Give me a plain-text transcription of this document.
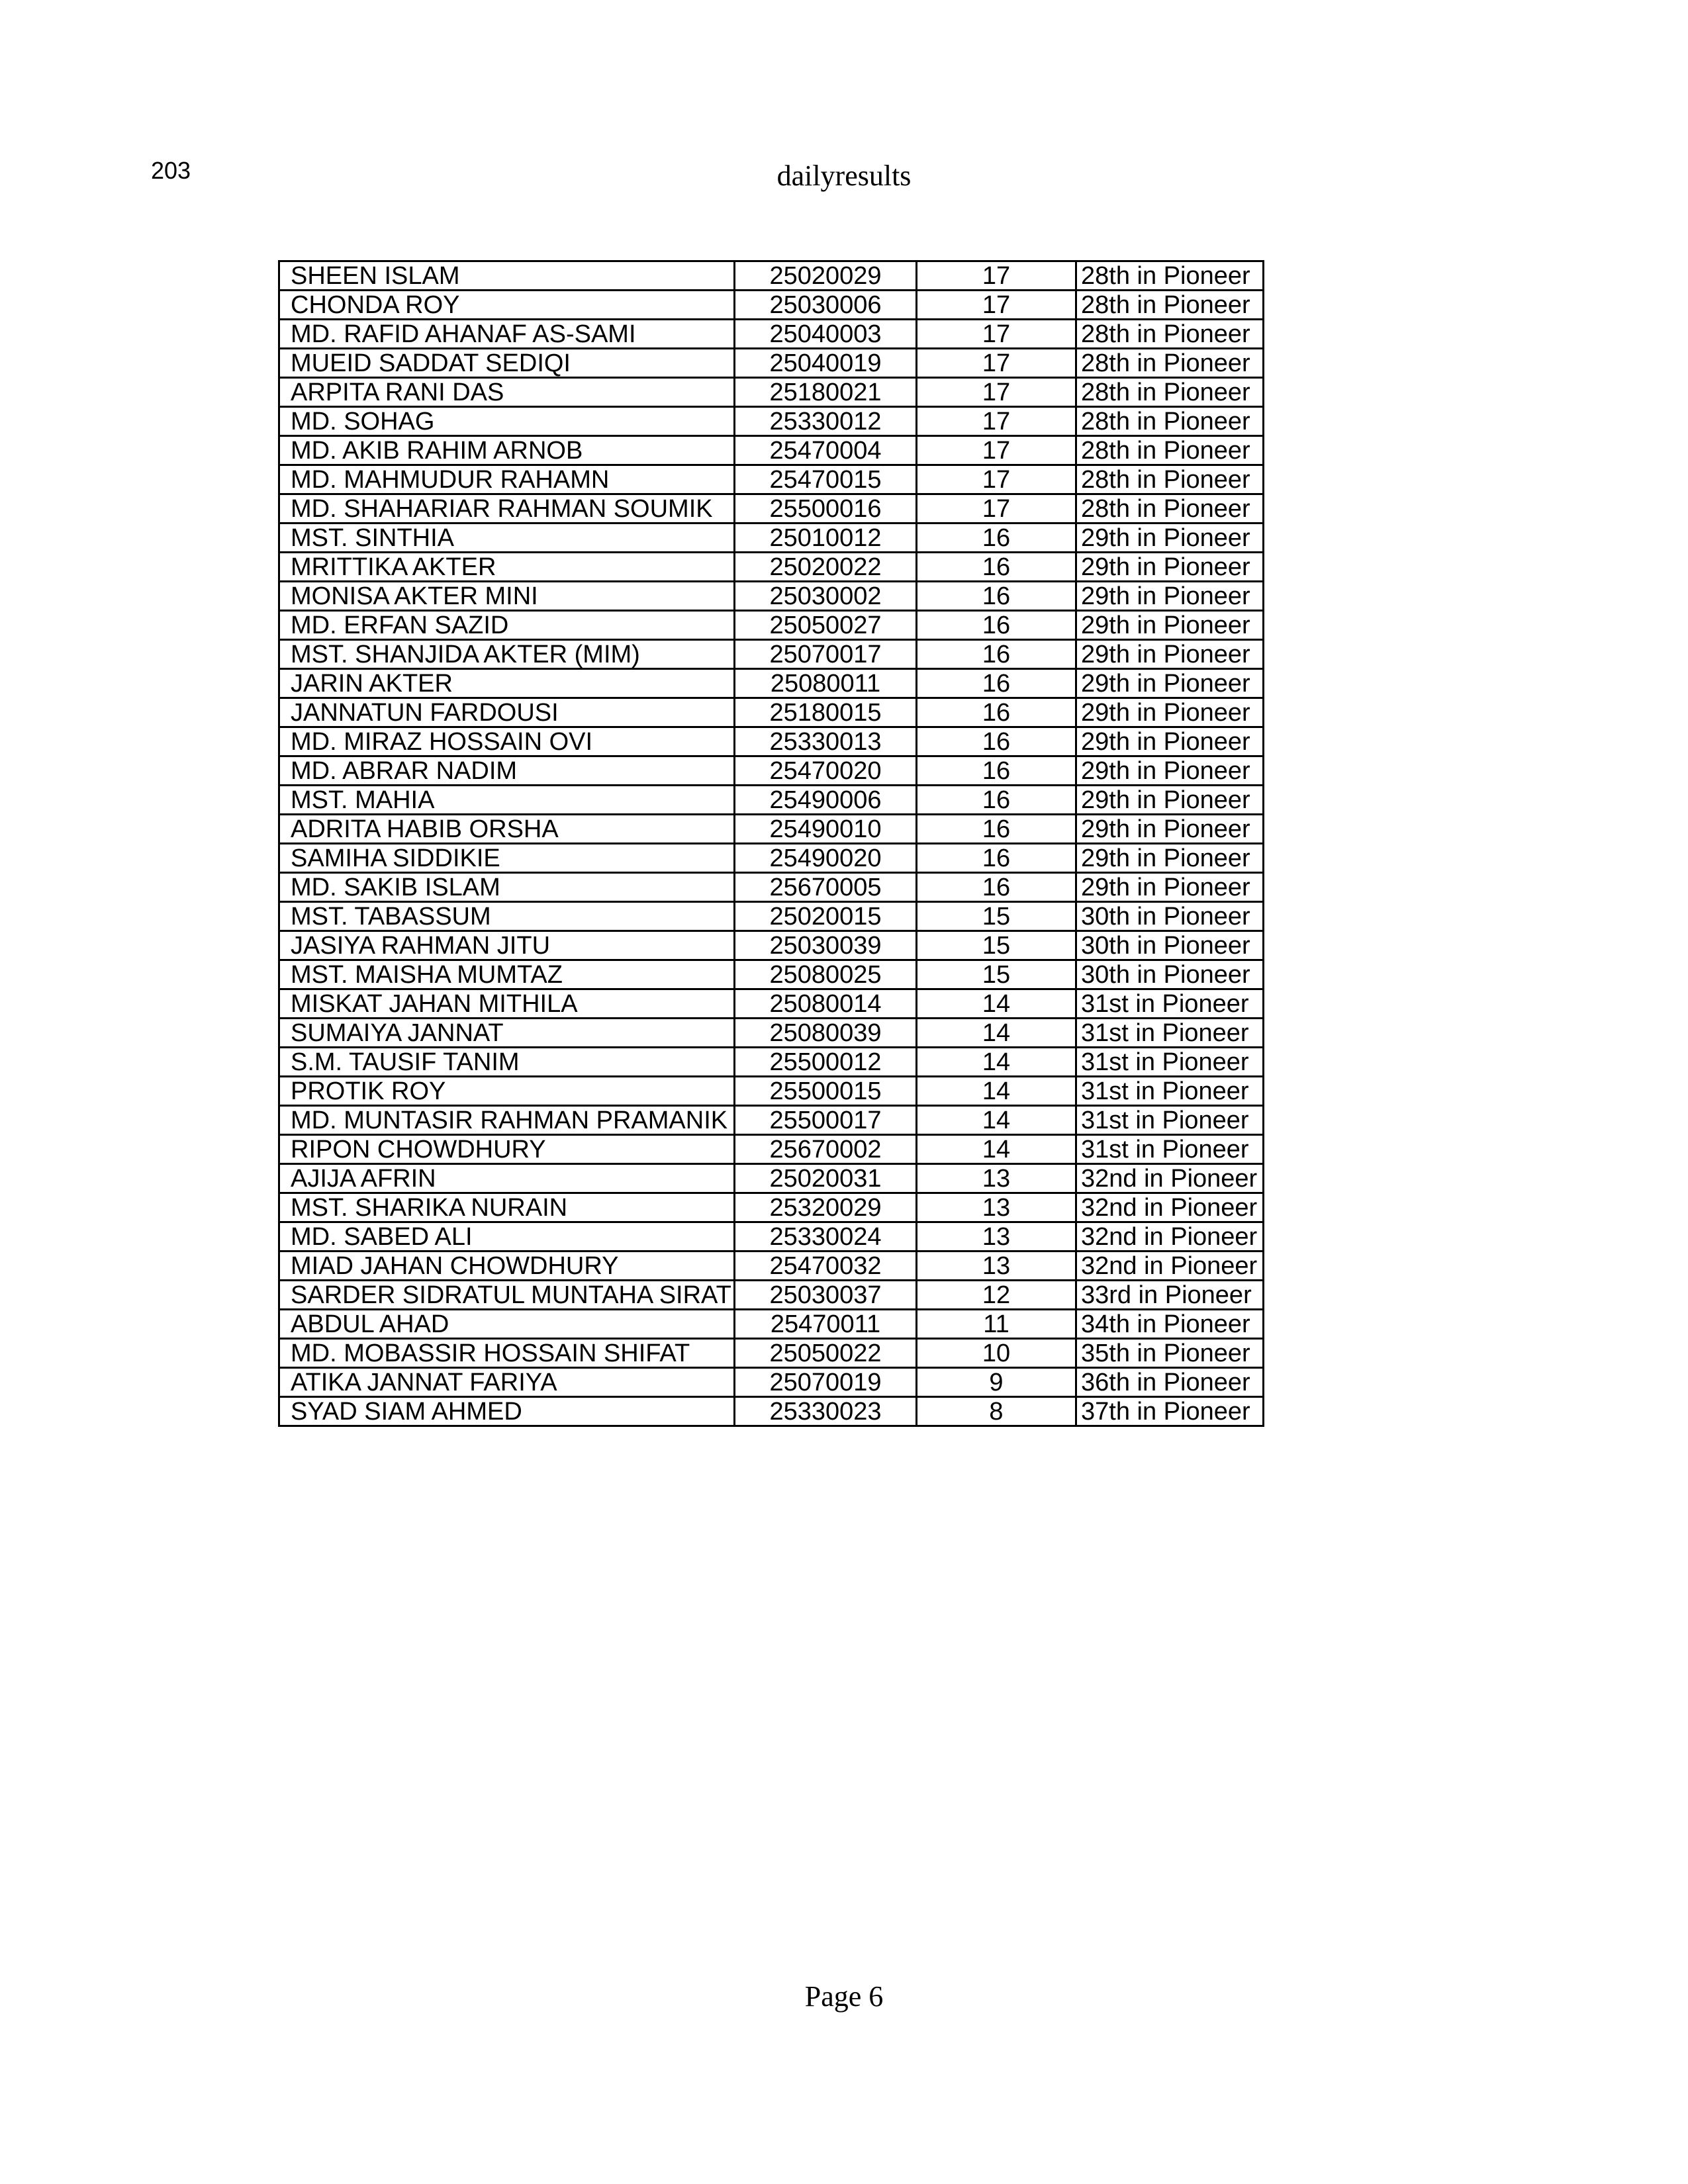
203	dailyresults
SHEEN ISLAM	25020029	17	28th in Pioneer
CHONDA ROY	25030006	17	28th in Pioneer
MD. RAFID AHANAF AS-SAMI	25040003	17	28th in Pioneer
MUEID SADDAT SEDIQI	25040019	17	28th in Pioneer
ARPITA RANI DAS	25180021	17	28th in Pioneer
MD. SOHAG	25330012	17	28th in Pioneer
MD. AKIB RAHIM ARNOB	25470004	17	28th in Pioneer
MD. MAHMUDUR RAHAMN	25470015	17	28th in Pioneer
MD. SHAHARIAR RAHMAN SOUMIK	25500016	17	28th in Pioneer
MST. SINTHIA	25010012	16	29th in Pioneer
MRITTIKA AKTER	25020022	16	29th in Pioneer
MONISA AKTER MINI	25030002	16	29th in Pioneer
MD. ERFAN SAZID	25050027	16	29th in Pioneer
MST. SHANJIDA AKTER (MIM)	25070017	16	29th in Pioneer
JARIN AKTER	25080011	16	29th in Pioneer
JANNATUN FARDOUSI	25180015	16	29th in Pioneer
MD. MIRAZ HOSSAIN OVI	25330013	16	29th in Pioneer
MD. ABRAR NADIM	25470020	16	29th in Pioneer
MST. MAHIA	25490006	16	29th in Pioneer
ADRITA HABIB ORSHA	25490010	16	29th in Pioneer
SAMIHA SIDDIKIE	25490020	16	29th in Pioneer
MD. SAKIB ISLAM	25670005	16	29th in Pioneer
MST. TABASSUM	25020015	15	30th in Pioneer
JASIYA RAHMAN JITU	25030039	15	30th in Pioneer
MST. MAISHA MUMTAZ	25080025	15	30th in Pioneer
MISKAT JAHAN MITHILA	25080014	14	31st in Pioneer
SUMAIYA JANNAT	25080039	14	31st in Pioneer
S.M. TAUSIF TANIM	25500012	14	31st in Pioneer
PROTIK ROY	25500015	14	31st in Pioneer
MD. MUNTASIR RAHMAN PRAMANIK	25500017	14	31st in Pioneer
RIPON CHOWDHURY	25670002	14	31st in Pioneer
AJIJA AFRIN	25020031	13	32nd in Pioneer
MST. SHARIKA NURAIN	25320029	13	32nd in Pioneer
MD. SABED ALI	25330024	13	32nd in Pioneer
MIAD JAHAN CHOWDHURY	25470032	13	32nd in Pioneer
SARDER SIDRATUL MUNTAHA SIRAT	25030037	12	33rd in Pioneer
ABDUL AHAD	25470011	11	34th in Pioneer
MD. MOBASSIR HOSSAIN SHIFAT	25050022	10	35th in Pioneer
ATIKA JANNAT FARIYA	25070019	9	36th in Pioneer
SYAD SIAM AHMED	25330023	8	37th in Pioneer
Page 6
